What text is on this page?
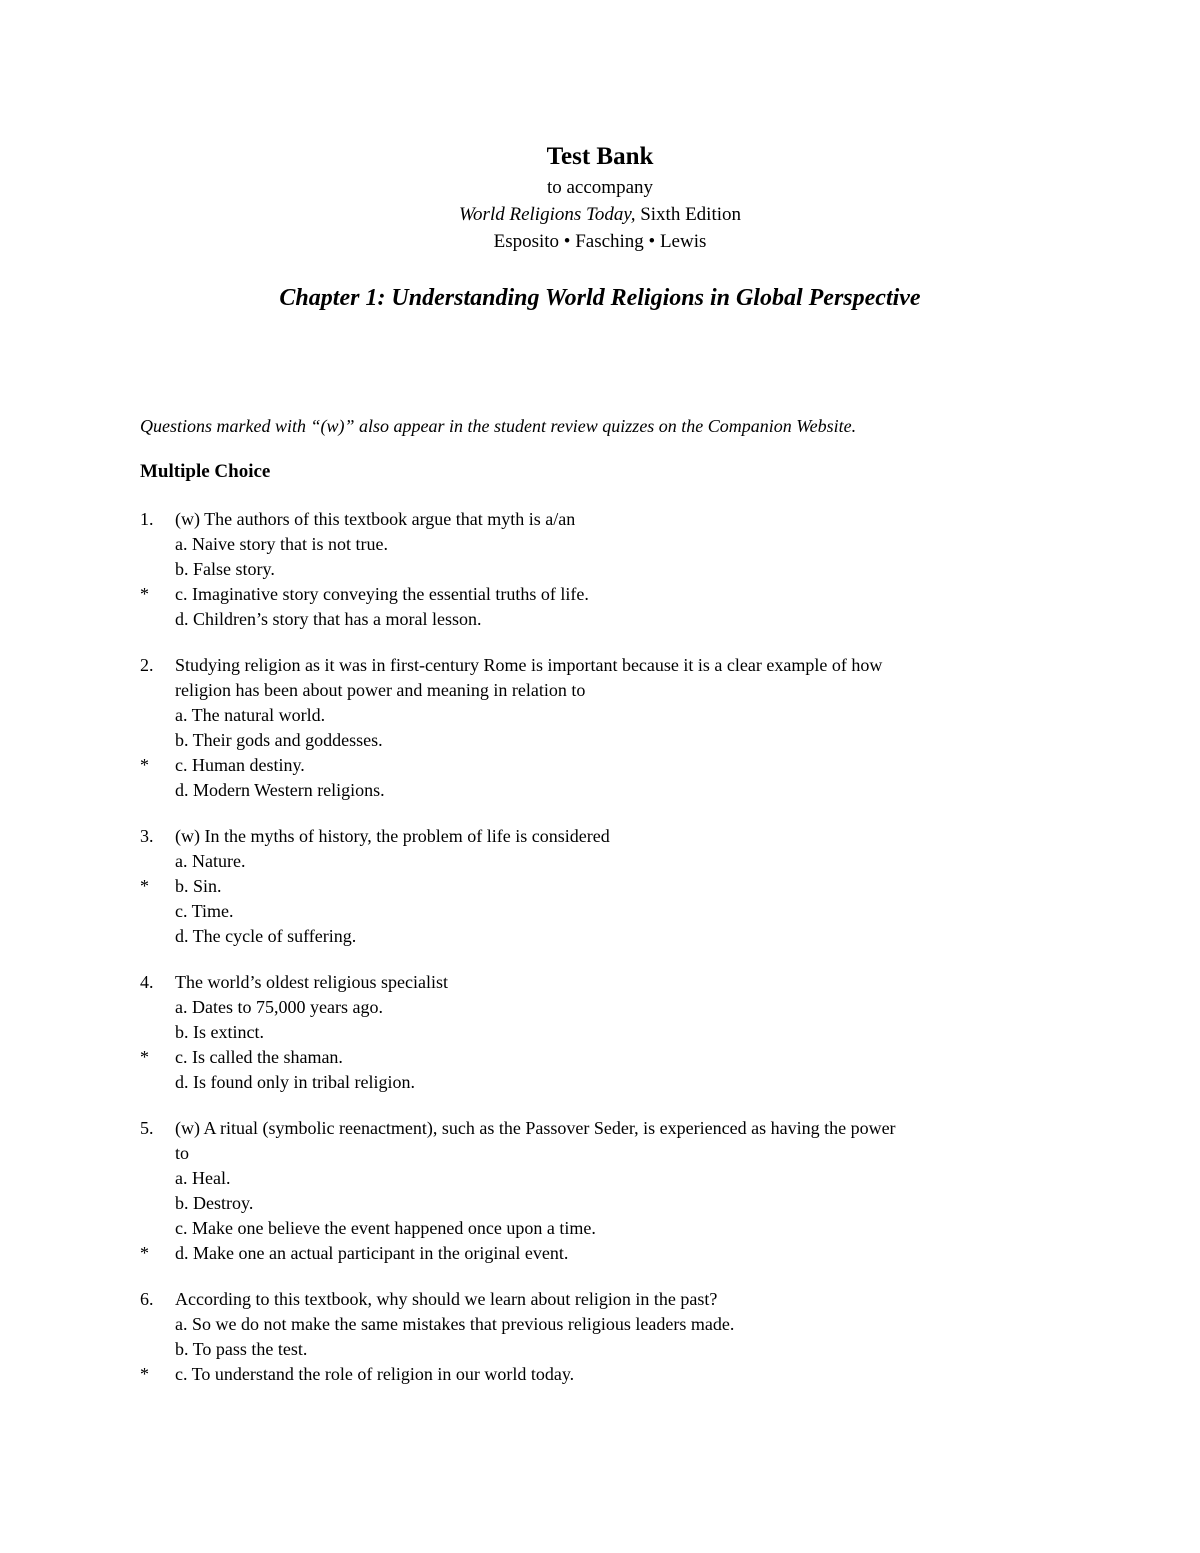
Test Bank

to accompany

World Religions Today, Sixth Edition

Esposito • Fasching • Lewis

Chapter 1: Understanding World Religions in Global Perspective

Questions marked with “(w)” also appear in the student review quizzes on the Companion Website.

Multiple Choice

1. (w) The authors of this textbook argue that myth is a/an
a. Naive story that is not true.
b. False story.
* c. Imaginative story conveying the essential truths of life.
d. Children’s story that has a moral lesson.
2. Studying religion as it was in first-century Rome is important because it is a clear example of how
religion has been about power and meaning in relation to
a. The natural world.
b. Their gods and goddesses.
* c. Human destiny.
d. Modern Western religions.
3. (w) In the myths of history, the problem of life is considered
a. Nature.
* b. Sin.
c. Time.
d. The cycle of suffering.
4. The world’s oldest religious specialist
a. Dates to 75,000 years ago.
b. Is extinct.
* c. Is called the shaman.
d. Is found only in tribal religion.
5. (w) A ritual (symbolic reenactment), such as the Passover Seder, is experienced as having the power
to
a. Heal.
b. Destroy.
c. Make one believe the event happened once upon a time.
* d. Make one an actual participant in the original event.
6. According to this textbook, why should we learn about religion in the past?
a. So we do not make the same mistakes that previous religious leaders made.
b. To pass the test.
* c. To understand the role of religion in our world today.
